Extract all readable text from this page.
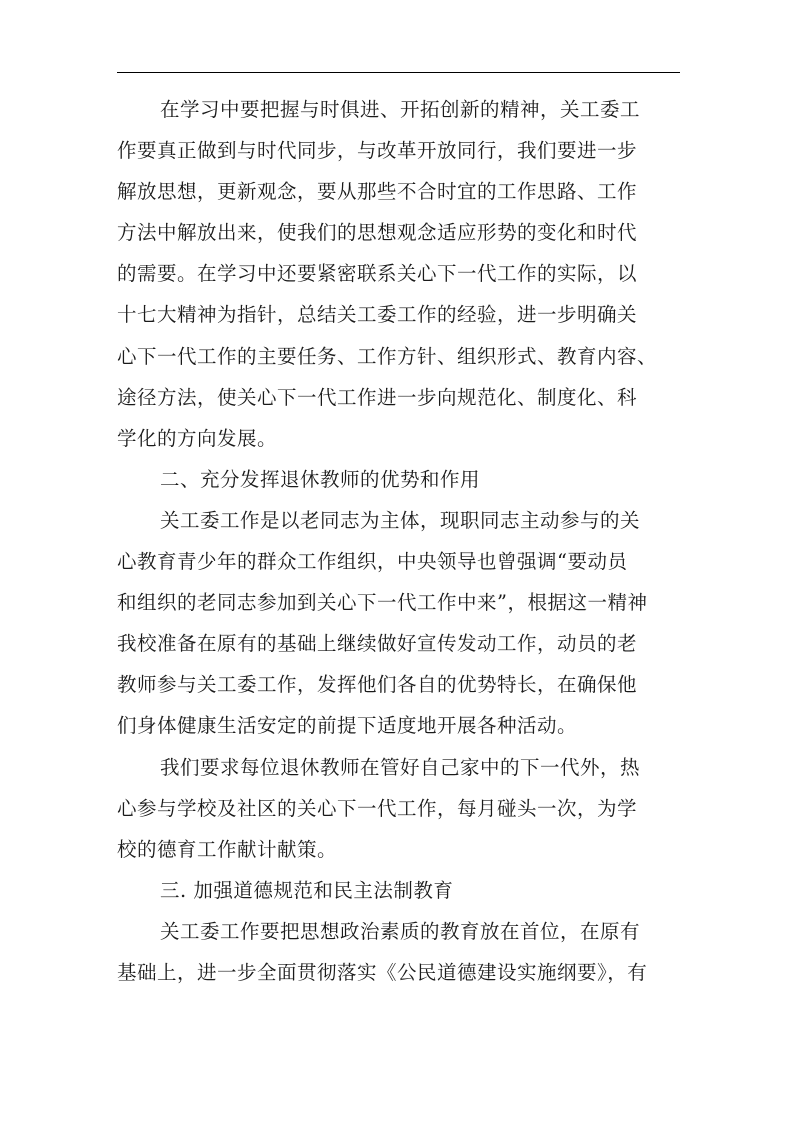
在学习中要把握与时俱进、开拓创新的精神，关工委工
作要真正做到与时代同步，与改革开放同行，我们要进一步
解放思想，更新观念，要从那些不合时宜的工作思路、工作
方法中解放出来，使我们的思想观念适应形势的变化和时代
的需要。在学习中还要紧密联系关心下一代工作的实际，以
十七大精神为指针，总结关工委工作的经验，进一步明确关
心下一代工作的主要任务、工作方针、组织形式、教育内容、
途径方法，使关心下一代工作进一步向规范化、制度化、科
学化的方向发展。
二、充分发挥退休教师的优势和作用
关工委工作是以老同志为主体，现职同志主动参与的关
心教育青少年的群众工作组织，中央领导也曾强调“要动员
和组织的老同志参加到关心下一代工作中来”，根据这一精神
我校准备在原有的基础上继续做好宣传发动工作，动员的老
教师参与关工委工作，发挥他们各自的优势特长，在确保他
们身体健康生活安定的前提下适度地开展各种活动。
我们要求每位退休教师在管好自己家中的下一代外，热
心参与学校及社区的关心下一代工作，每月碰头一次，为学
校的德育工作献计献策。
三. 加强道德规范和民主法制教育
关工委工作要把思想政治素质的教育放在首位，在原有
基础上，进一步全面贯彻落实《公民道德建设实施纲要》，有
